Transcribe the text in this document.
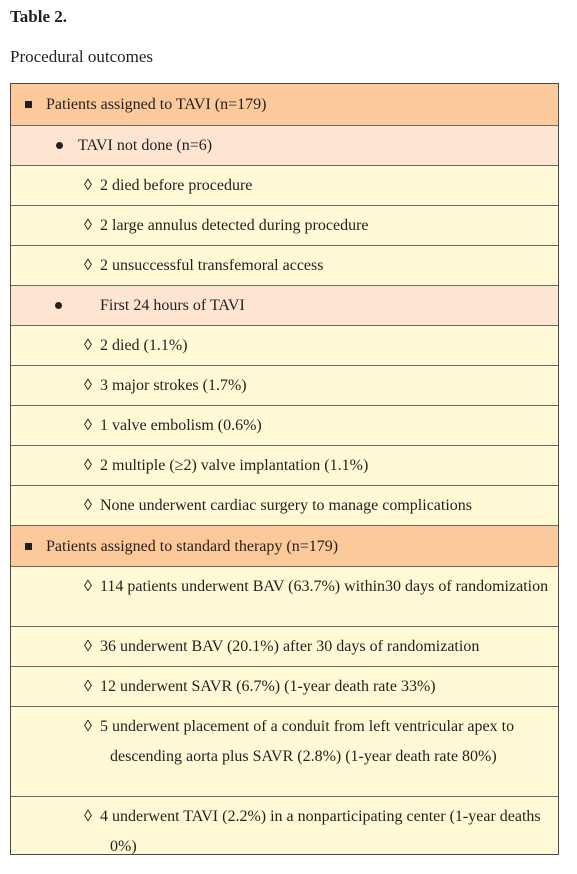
Table 2.

Procedural outcomes

Patients assigned to TAVI (n=179)
TAVI not done (n=6)
◊ 2 died before procedure
◊ 2 large annulus detected during procedure
◊ 2 unsuccessful transfemoral access
First 24 hours of TAVI
◊ 2 died (1.1%)
◊ 3 major strokes (1.7%)
◊ 1 valve embolism (0.6%)
◊ 2 multiple (≥2) valve implantation (1.1%)
◊ None underwent cardiac surgery to manage complications
Patients assigned to standard therapy (n=179)
◊ 114 patients underwent BAV (63.7%) within30 days of randomization
◊ 36 underwent BAV (20.1%) after 30 days of randomization
◊ 12 underwent SAVR (6.7%) (1-year death rate 33%)
◊ 5 underwent placement of a conduit from left ventricular apex to descending aorta plus SAVR (2.8%) (1-year death rate 80%)
◊ 4 underwent TAVI (2.2%) in a nonparticipating center (1-year deaths 0%)
